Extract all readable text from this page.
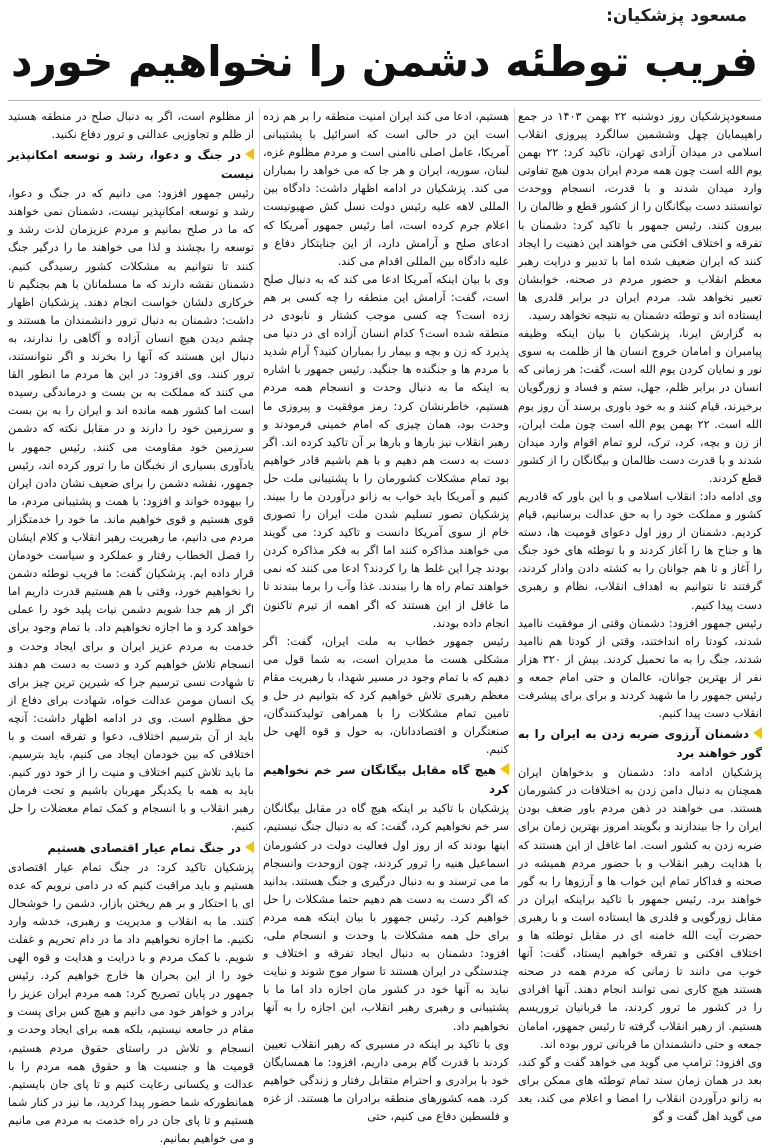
مسعود پزشکیان:
فریب توطئه دشمن را نخواهیم خورد

مسعودپزشکیان روز دوشنبه ۲۲ بهمن ۱۴۰۳ در جمع راهپیمایان چهل وششمین سالگرد پیروزی انقلاب اسلامی در میدان آزادی تهران، تاکید کرد: ۲۲ بهمن یوم الله است چون همه مردم ایران بدون هیچ تفاوتی وارد میدان شدند و با قدرت، انسجام ووحدت توانستند دست بیگانگان را از کشور قطع و ظالمان را بیرون کنند. رئیس جمهور با تاکید کرد: دشمنان با تفرقه و اختلاف افکنی می خواهند این ذهنیت را ایجاد کنند که ایران ضعیف شده اما با تدبیر و درایت رهبر معظم انقلاب و حضور مردم در صحنه، خوابشان تعبیر نخواهد شد. مردم ایران در برابر قلدری ها ایستاده اند و توطئه دشمنان به نتیجه نخواهد رسید.

به گزارش ایرنا، پزشکیان با بیان اینکه وظیفه پیامبران و امامان خروج انسان ها از ظلمت به سوی نور و نمایان کردن یوم الله است، گفت: هر زمانی که انسان در برابر ظلم، جهل، ستم و فساد و زورگویان برخیزند، قیام کنند و به خود باوری برسند آن روز یوم الله است. ۲۲ بهمن یوم الله است چون ملت ایران، از زن و بچه، کرد، ترک، لرو تمام اقوام وارد میدان شدند و با قدرت دست ظالمان و بیگانگان را از کشور قطع کردند.

وی ادامه داد: انقلاب اسلامی و با این باور که قادریم کشور و مملکت خود را به حق عدالت برسانیم، قیام کردیم. دشمنان از روز اول دعوای قومیت ها، دسته ها و جناح ها را آغاز کردند و با توطئه های خود جنگ را آغاز و تا هم جوانان را به کشته دادن وادار کردند، گرفتند تا نتوانیم به اهداف انقلاب، نظام و رهبری دست پیدا کنیم.

رئیس جمهور افزود: دشمنان وقتی از موفقیت ناامید شدند، کودتا راه انداختند، وقتی از کودتا هم ناامید شدند، جنگ را به ما تحمیل کردند. بیش از ۳۲۰ هزار نفر از بهترین جوانان، عالمان و حتی امام جمعه و رئیس جمهور را ما شهید کردند و برای برای پیشرفت انقلاب دست پیدا کنیم.

دشمنان آرزوی ضربه زدن به ایران را به گور خواهند برد

پزشکیان ادامه داد: دشمنان و بدخواهان ایران همچنان به دنبال دامن زدن به اختلافات در کشورمان هستند. می خواهند در ذهن مردم باور ضعف بودن ایران را جا بیندازند و بگویند امروز بهترین زمان برای ضربه زدن به کشور است. اما غافل از این هستند که با هدایت رهبر انقلاب و با حضور مردم همیشه در صحنه و فداکار تمام این خواب ها و آرزوها را به گور خواهند برد. رئیس جمهور با تاکید براینکه ایران در مقابل زورگویی و قلدری ها ایستاده است و با رهبری حضرت آیت الله خامنه ای در مقابل توطئه ها و اختلاف افکنی و تفرقه خواهیم ایستاد، گفت: آنها خوب می دانند تا زمانی که مردم همه در صحنه هستند هیچ کاری نمی توانند انجام دهند. آنها افرادی را در کشور ما ترور کردند، ما قربانیان تروریسم هستیم. از رهبر انقلاب گرفته تا رئیس جمهور، امامان جمعه و حتی دانشمندان ما قربانی ترور بوده اند.

وی افزود: ترامپ می گوید می خواهد گفت و گو کند، بعد در همان زمان سند تمام توطئه های ممکن برای به زانو درآوردن انقلاب را امضا و اعلام می کند، بعد می گوید اهل گفت و گو

هستیم، ادعا می کند ایران امنیت منطقه را بر هم زده است این در حالی است که اسرائیل با پشتیبانی آمریکا، عامل اصلی ناامنی است و مردم مظلوم غزه، لبنان، سوریه، ایران و هر جا که می خواهد را بمباران می کند. پزشکیان در ادامه اظهار داشت: دادگاه بین المللی لاهه علیه رئیس دولت نسل کش صهیونیست اعلام جرم کرده است، اما رئیس جمهور آمریکا که ادعای صلح و آرامش دارد، از این جنایتکار دفاع و علیه دادگاه بین المللی اقدام می کند.

وی با بیان اینکه آمریکا ادعا می کند که به دنبال صلح است، گفت: آرامش این منطقه را چه کسی بر هم زده است؟ چه کسی موجب کشتار و نابودی در منطقه شده است؟ کدام انسان آزاده ای در دنیا می پذیرد که زن و بچه و بیمار را بمباران کنید؟ آرام شدید با مردم ها و جنگنده ها جنگید. رئیس جمهور با اشاره به اینکه ما به دنبال وحدت و انسجام همه مردم هستیم، خاطرنشان کرد: رمز موفقیت و پیروزی ما وحدت بود، همان چیزی که امام خمینی فرمودند و رهبر انقلاب نیز بارها و بارها بر آن تاکید کرده اند. اگر دست به دست هم دهیم و با هم باشیم قادر خواهیم بود تمام مشکلات کشورمان را با پشتیبانی ملت حل کنیم و آمریکا باید خواب به زانو درآوردن ما را ببیند. پزشکیان تصور تسلیم شدن ملت ایران را تصوری خام از سوی آمریکا دانست و تاکید کرد: می گویند می خواهند مذاکره کنند اما اگر به فکر مذاکره کردن بودند چرا این غلط ها را کردند؟ ادعا می کنند که نمی خواهند تمام راه ها را ببندند. غذا وآب را برما ببندند تا ما غافل از این هستند که اگر اهمه از تیرم تاکنون انجام داده بودند.

رئیس جمهور خطاب به ملت ایران، گفت: اگر مشکلی هست ما مدیران است، به شما قول می دهیم که با تمام وجود در مسیر شهدا، با رهبریت مقام معظم رهبری تلاش خواهیم کرد که بتوانیم در حل و تامین تمام مشکلات را با همراهی تولیدکنندگان، صنعتگران و اقتصاددانان، به حول و قوه الهی حل کنیم.

هیچ گاه مقابل بیگانگان سر خم نخواهیم کرد

پزشکیان با تاکید بر اینکه هیچ گاه در مقابل بیگانگان سر خم نخواهیم کرد، گفت: که به دنبال جنگ نیستیم، اینها بودند که از روز اول فعالیت دولت در کشورمان اسماعیل هنیه را ترور کردند، چون ازوحدت وانسجام ما می ترسند و به دنبال درگیری و جنگ هستند. بدانید که اگر دست به دست هم دهیم حتما مشکلات را حل خواهیم کرد. رئیس جمهور با بیان اینکه همه مردم برای حل همه مشکلات با وحدت و انسجام ملی، افزود: دشمنان به دنبال ایجاد تفرقه و اختلاف و چندستگی در ایران هستند تا سوار موج شوند و نبایت نباید به آنها خود در کشور مان اجازه داد اما ما با پشتیبانی و رهبری رهبر انقلاب، این اجازه را به آنها نخواهیم داد.

وی با تاکید بر اینکه در مسیری که رهبر انقلاب تعیین کردند با قدرت گام برمی داریم، افزود: ما همسایگان خود با برادری و احترام متقابل رفتار و زندگی خواهیم کرد. همه کشورهای منطقه برادران ما هستند. از غزه و فلسطین دفاع می کنیم، حتی

از مظلوم است، اگر به دنبال صلح در منطقه هستید از ظلم و تجاوزبی عدالتی و ترور دفاع نکنید.

در جنگ و دعوا، رشد و توسعه امکانپذیر نیست

رئیس جمهور افزود: می دانیم که در جنگ و دعوا، رشد و توسعه امکانپذیر نیست، دشمنان نمی خواهند که ما در صلح بمانیم و مردم عزیزمان لذت رشد و توسعه را بچشند و لذا می خواهند ما را درگیر جنگ کنند تا نتوانیم به مشکلات کشور رسیدگی کنیم. دشمنان نقشه دارند که ما مسلمانان با هم بجنگیم تا خرکاری دلشان خواست انجام دهند. پزشکیان اظهار داشت: دشمنان به دنبال ترور دانشمندان ما هستند و چشم دیدن هیچ انسان آزاده و آگاهی را ندارند، به دنبال این هستند که آنها را بخرند و اگر نتوانستند، ترور کنند. وی افزود: در این ها مردم ما انطور القا می کنند که مملکت به بن بست و درماندگی رسیده است اما کشور همه مانده اند و ایران را به بن بست و سرزمین خود را دارند و در مقابل نکته که دشمن سرزمین خود مقاومت می کنند. رئیس جمهور با یادآوری بسیاری از نخبگان ما را ترور کرده اند، رئیس جمهور، نقشه دشمن را برای ضعیف نشان دادن ایران را بیهوده خواند و افزود: با همت و پشتیبانی مردم، ما قوی هستیم و قوی خواهیم ماند. ما خود را خدمتگزار مردم می دانیم، ما رهبریت رهبر انقلاب و کلام ایشان را فصل الخطاب رفتار و عملکرد و سیاست خودمان قرار داده ایم. پزشکیان گفت: ما فریب توطئه دشمن را نخواهیم خورد، وقتی با هم هستیم قدرت داریم اما اگر از هم جدا شویم دشمن نیات پلید خود را عملی خواهد کرد و ما اجازه نخواهیم داد. با تمام وجود برای خدمت به مردم عزیز ایران و برای ایجاد وحدت و انسجام تلاش خواهیم کرد و دست به دست هم دهند تا شهادت نسی ترسیم جرا که شیرین ترین چیز برای یک انسان مومن عدالت خواه، شهادت برای دفاع از حق مظلوم است. وی در ادامه اظهار داشت: آنچه باید از آن بترسیم اختلاف، دعوا و تفرقه است و با اختلافی که بین خودمان ایجاد می کنیم، باید بترسیم. ما باید تلاش کنیم اختلاف و منیت را از خود دور کنیم. باید به همه با یکدیگر مهربان باشیم و تحت فرمان رهبر انقلاب و با انسجام و کمک تمام معضلات را حل کنیم.

در جنگ تمام عیار اقتصادی هستیم

پزشکیان تاکید کرد: در جنگ تمام عیار اقتصادی هستیم و باید مراقبت کنیم که در دامی نرویم که عده ای با احتکار و بر هم ریختن بازار، دشمن را خوشحال کنند. ما به انقلاب و مدیریت و رهبری، خدشه وارد نکنیم. ما اجازه نخواهیم داد ما در دام تحریم و غفلت شویم. با کمک مردم و با درایت و هدایت و قوه الهی خود را از این بحران ها خارج خواهیم کرد. رئیس جمهور در پایان تصریح کرد: همه مردم ایران عزیز را برادر و خواهر خود می دانیم و هیچ کس برای پست و مقام در جامعه نیستیم، بلکه همه برای ایجاد وحدت و انسجام و تلاش در راستای حقوق مردم هستیم، قومیت ها و جنسیت ها و حقوق همه مردم را با عدالت و یکسانی رعایت کنیم و تا پای جان بایستیم. همانطورکه شما حضور پیدا کردید، ما نیز در کنار شما هستیم و تا پای جان در راه خدمت به مردم می مانیم و می خواهیم بمانیم.
